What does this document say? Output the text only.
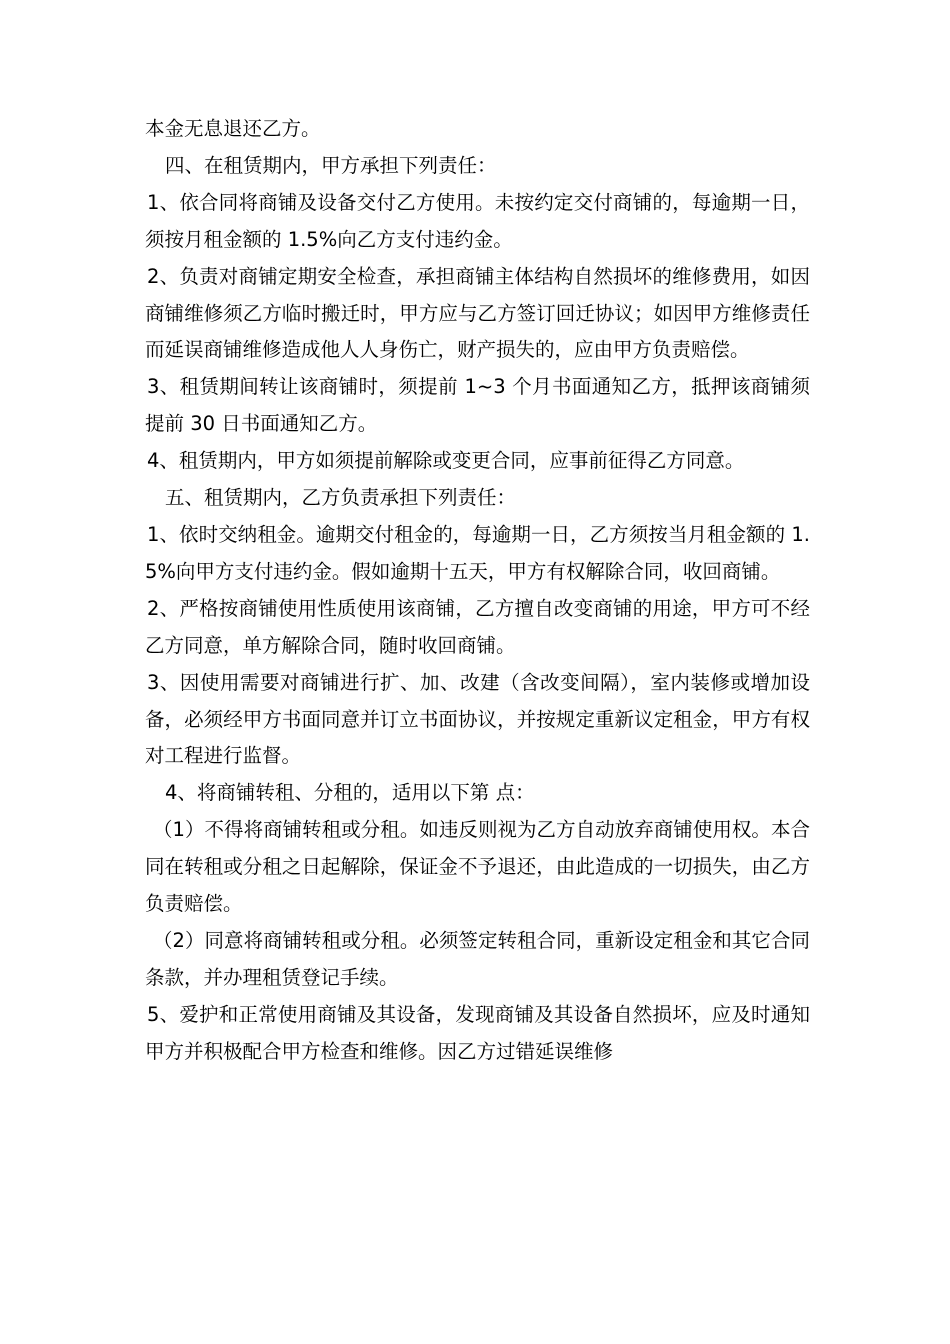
本金无息退还乙方。

四、在租赁期内，甲方承担下列责任：

1、依合同将商铺及设备交付乙方使用。未按约定交付商铺的，每逾期一日，须按月租金额的 1.5%向乙方支付违约金。

2、负责对商铺定期安全检查，承担商铺主体结构自然损坏的维修费用，如因商铺维修须乙方临时搬迁时，甲方应与乙方签订回迁协议；如因甲方维修责任而延误商铺维修造成他人人身伤亡，财产损失的，应由甲方负责赔偿。

3、租赁期间转让该商铺时，须提前 1~3 个月书面通知乙方，抵押该商铺须提前 30 日书面通知乙方。

4、租赁期内，甲方如须提前解除或变更合同，应事前征得乙方同意。

五、租赁期内，乙方负责承担下列责任：

1、依时交纳租金。逾期交付租金的，每逾期一日，乙方须按当月租金额的 1.5%向甲方支付违约金。假如逾期十五天，甲方有权解除合同，收回商铺。

2、严格按商铺使用性质使用该商铺，乙方擅自改变商铺的用途，甲方可不经乙方同意，单方解除合同，随时收回商铺。

3、因使用需要对商铺进行扩、加、改建（含改变间隔），室内装修或增加设备，必须经甲方书面同意并订立书面协议，并按规定重新议定租金，甲方有权对工程进行监督。

4、将商铺转租、分租的，适用以下第 点：

（1）不得将商铺转租或分租。如违反则视为乙方自动放弃商铺使用权。本合同在转租或分租之日起解除，保证金不予退还，由此造成的一切损失，由乙方负责赔偿。

（2）同意将商铺转租或分租。必须签定转租合同，重新设定租金和其它合同条款，并办理租赁登记手续。

5、爱护和正常使用商铺及其设备，发现商铺及其设备自然损坏，应及时通知甲方并积极配合甲方检查和维修。因乙方过错延误维修
